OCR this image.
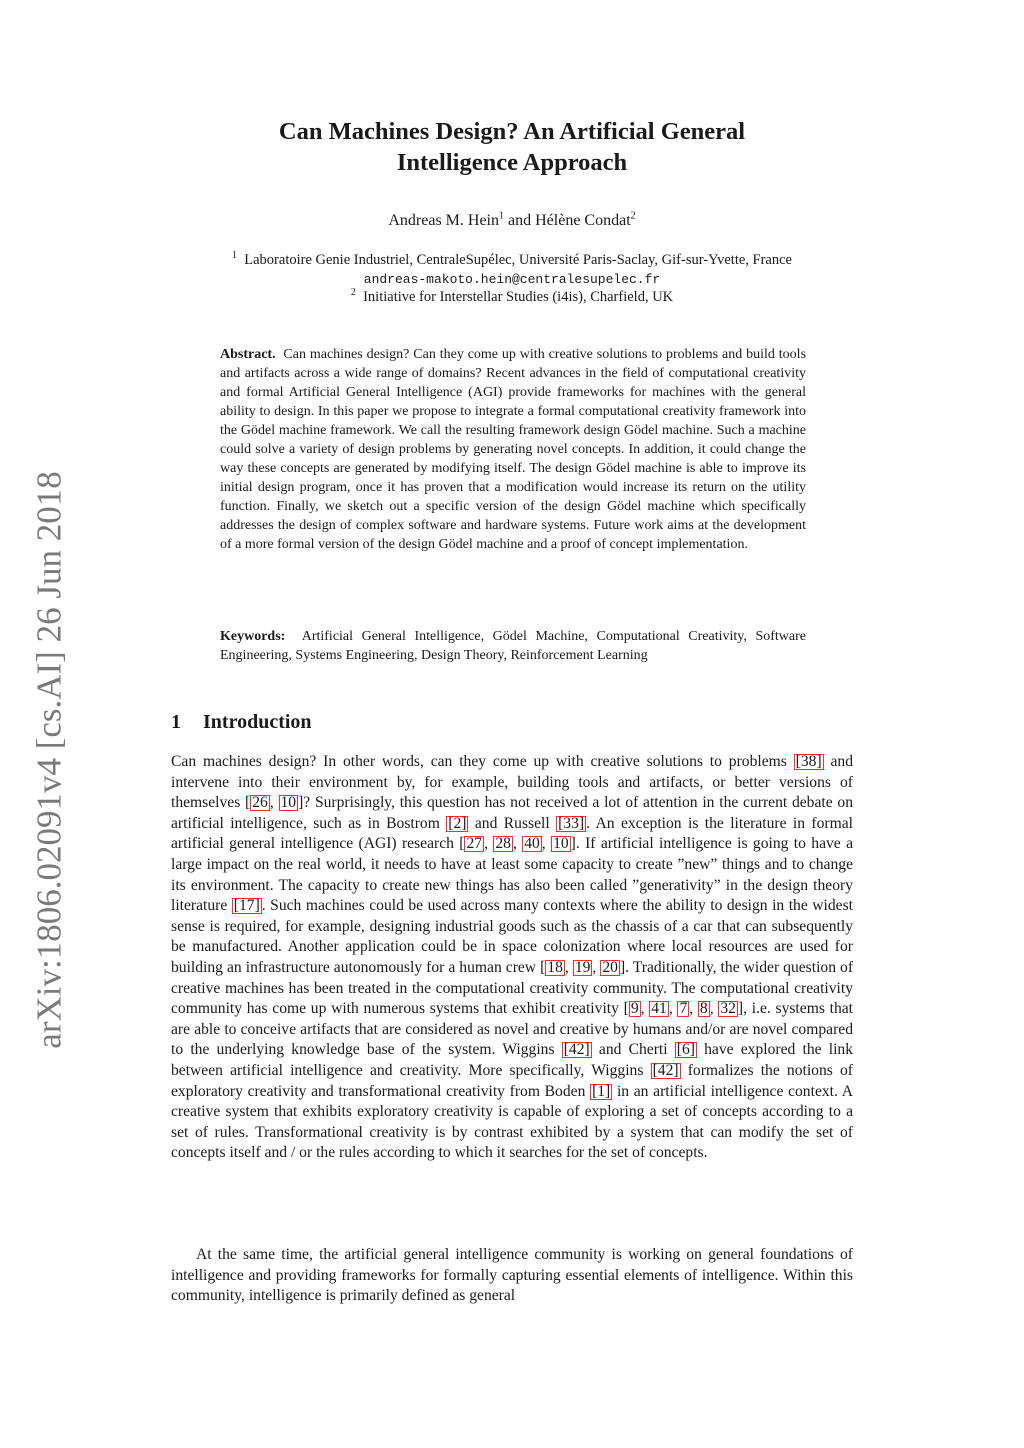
arXiv:1806.02091v4 [cs.AI] 26 Jun 2018
Can Machines Design? An Artificial General
Intelligence Approach
Andreas M. Hein$^1$ and Hélène Condat$^2$
$^1$ Laboratoire Genie Industriel, CentraleSupélec, Université Paris-Saclay, Gif-sur-Yvette, France
andreas-makoto.hein@centralesupelec.fr
$^2$ Initiative for Interstellar Studies (i4is), Charfield, UK

Abstract. Can machines design? Can they come up with creative solutions to problems and build tools and artifacts across a wide range of domains? Recent advances in the field of computational creativity and formal Artificial General Intelligence (AGI) provide frameworks for machines with the general ability to design. In this paper we propose to integrate a formal computational creativity framework into the Gödel machine framework. We call the resulting framework design Gödel machine. Such a machine could solve a variety of design problems by generating novel concepts. In addition, it could change the way these concepts are generated by modifying itself. The design Gödel machine is able to improve its initial design program, once it has proven that a modification would increase its return on the utility function. Finally, we sketch out a specific version of the design Gödel machine which specifically addresses the design of complex software and hardware systems. Future work aims at the development of a more formal version of the design Gödel machine and a proof of concept implementation.

Keywords: Artificial General Intelligence, Gödel Machine, Computational Creativity, Software Engineering, Systems Engineering, Design Theory, Reinforcement Learning

1 Introduction

Can machines design? In other words, can they come up with creative solutions to problems [38] and intervene into their environment by, for example, building tools and artifacts, or better versions of themselves [ 26 , 10 ]? Surprisingly, this question has not received a lot of attention in the current debate on artificial intelligence, such as in Bostrom [2] and Russell [33] . An exception is the literature in formal artificial general intelligence (AGI) research [ 27 , 28 , 40 , 10 ]. If artificial intelligence is going to have a large impact on the real world, it needs to have at least some capacity to create ”new” things and to change its environment. The capacity to create new things has also been called ”generativity” in the design theory literature [17] . Such machines could be used across many contexts where the ability to design in the widest sense is required, for example, designing industrial goods such as the chassis of a car that can subsequently be manufactured. Another application could be in space colonization where local resources are used for building an infrastructure autonomously for a human crew [ 18 , 19 , 20 ]. Traditionally, the wider question of creative machines has been treated in the computational creativity community. The computational creativity community has come up with numerous systems that exhibit creativity [ 9 , 41 , 7 , 8 , 32 ], i.e. systems that are able to conceive artifacts that are considered as novel and creative by humans and/or are novel compared to the underlying knowledge base of the system. Wiggins [42] and Cherti [6] have explored the link between artificial intelligence and creativity. More specifically, Wiggins [42] formalizes the notions of exploratory creativity and transformational creativity from Boden [1] in an artificial intelligence context. A creative system that exhibits exploratory creativity is capable of exploring a set of concepts according to a set of rules. Transformational creativity is by contrast exhibited by a system that can modify the set of concepts itself and / or the rules according to which it searches for the set of concepts.

At the same time, the artificial general intelligence community is working on general foundations of intelligence and providing frameworks for formally capturing essential elements of intelligence. Within this community, intelligence is primarily defined as general
